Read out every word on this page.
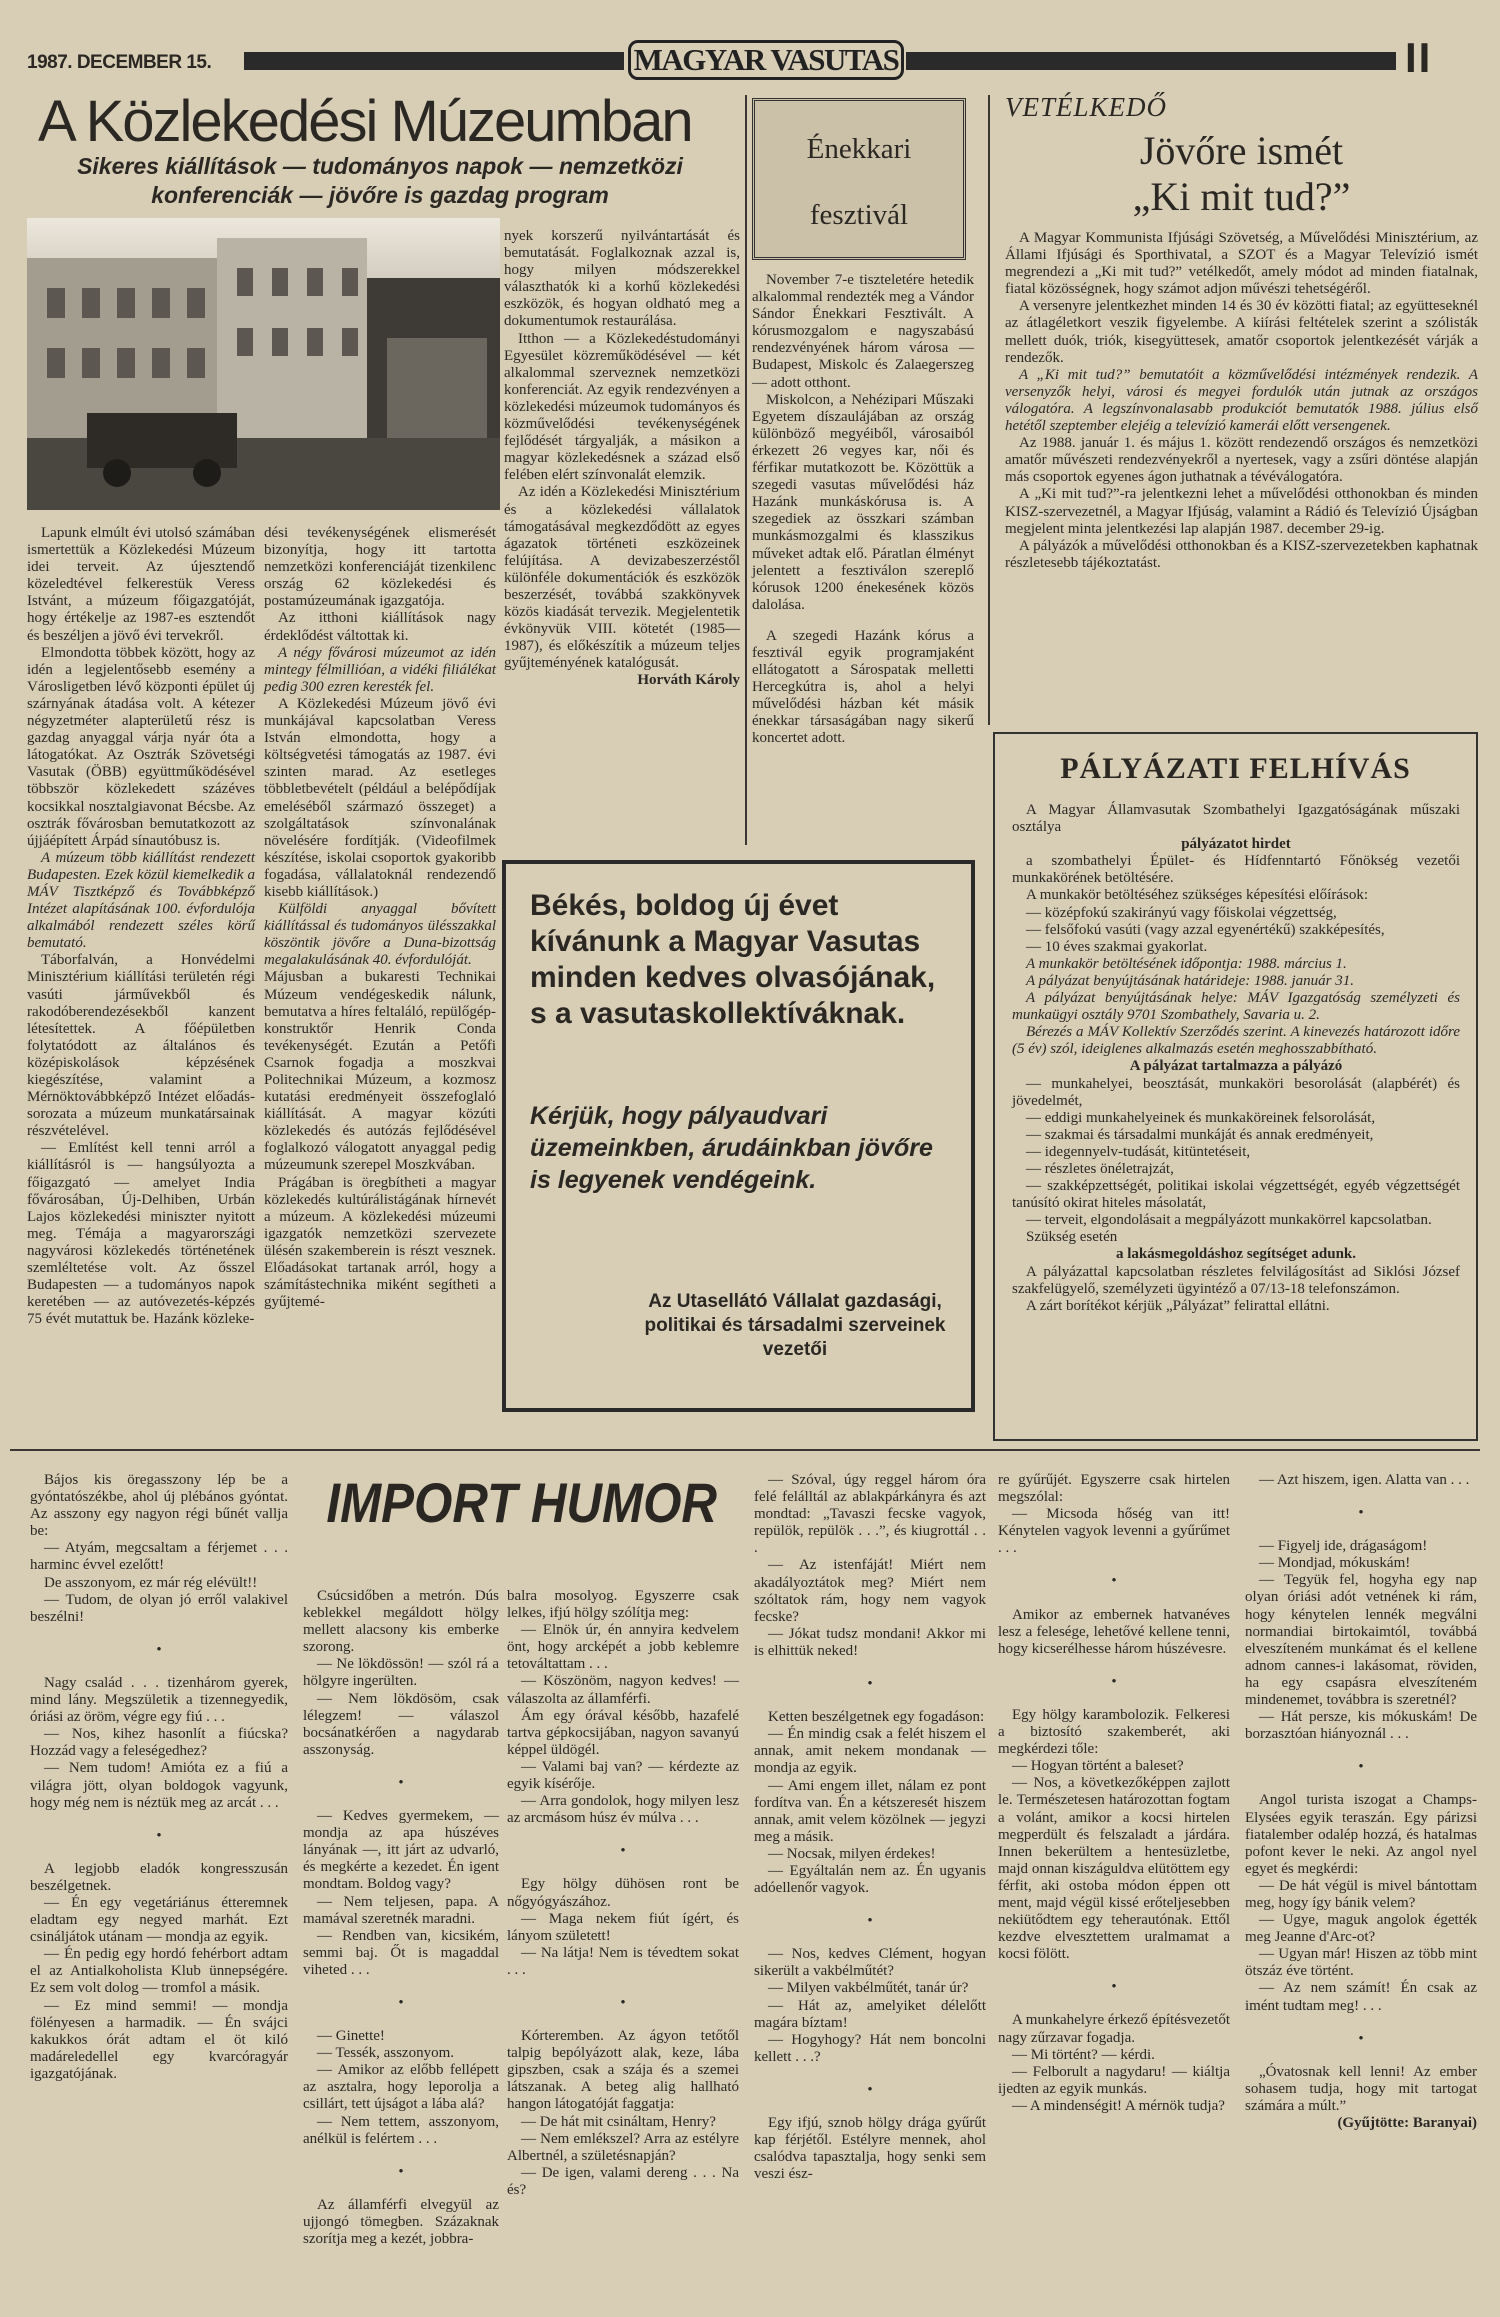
1987. DECEMBER 15.	MAGYAR VASUTAS	II
A Közlekedési Múzeumban
Sikeres kiállítások — tudományos napok — nemzetközi
konferenciák — jövőre is gazdag program

Lapunk elmúlt évi utolsó számában ismertettük a Közlekedési Múzeum idei terveit. Az újesztendő közeledtével felkerestük Veress Istvánt, a múzeum főigazgatóját, hogy értékelje az 1987-es esztendőt és beszéljen a jövő évi tervekről.

Elmondotta többek között, hogy az idén a legjelentősebb esemény a Városligetben lévő központi épület új szárnyának átadása volt. A kétezer négyzetméter alapterületű rész is gazdag anyaggal várja nyár óta a látogatókat. Az Osztrák Szövetségi Vasutak (ÖBB) együttműködésével többször közlekedett százéves kocsikkal nosztalgiavonat Bécsbe. Az osztrák fővárosban bemutatkozott az újjáépített Árpád sínautóbusz is.

A múzeum több kiállítást rendezett Budapesten. Ezek közül kiemelkedik a MÁV Tisztképző és Továbbképző Intézet alapításának 100. évfordulója alkalmából rendezett széles körű bemutató.

Táborfalván, a Honvédelmi Minisztérium kiállítási területén régi vasúti járművekből és rakodóberendezésekből kanzent létesítettek. A főépületben folytatódott az általános és középiskolások képzésének kiegészítése, valamint a Mérnöktovábbképző Intézet előadás-sorozata a múzeum munkatársainak részvételével.

— Említést kell tenni arról a kiállításról is — hangsúlyozta a főigazgató — amelyet India fővárosában, Új-Delhiben, Urbán Lajos közlekedési miniszter nyitott meg. Témája a magyarországi nagyvárosi közlekedés történetének szemléltetése volt. Az ősszel Budapesten — a tudományos napok keretében — az autóvezetés-képzés 75 évét mutattuk be. Hazánk közleke-

dési tevékenységének elismerését bizonyítja, hogy itt tartotta nemzetközi konferenciáját tizenkilenc ország 62 közlekedési és postamúzeumának igazgatója.

Az itthoni kiállítások nagy érdeklődést váltottak ki.

A négy fővárosi múzeumot az idén mintegy félmillióan, a vidéki filiálékat pedig 300 ezren keresték fel.

A Közlekedési Múzeum jövő évi munkájával kapcsolatban Veress István elmondotta, hogy a költségvetési támogatás az 1987. évi szinten marad. Az esetleges többletbevételt (például a belépődíjak emeléséből származó összeget) a szolgáltatások színvonalának növelésére fordítják. (Videofilmek készítése, iskolai csoportok gyakoribb fogadása, vállalatoknál rendezendő kisebb kiállítások.)

Külföldi anyaggal bővített kiállítással és tudományos ülésszakkal köszöntik jövőre a Duna-bizottság megalakulásának 40. évfordulóját.

Májusban a bukaresti Technikai Múzeum vendégeskedik nálunk, bemutatva a híres feltaláló, repülőgép-konstruktőr Henrik Conda tevékenységét. Ezután a Petőfi Csarnok fogadja a moszkvai Politechnikai Múzeum, a kozmosz kutatási eredményeit összefoglaló kiállítását. A magyar közúti közlekedés és autózás fejlődésével foglalkozó válogatott anyaggal pedig múzeumunk szerepel Moszkvában.

Prágában is öregbítheti a magyar közlekedés kultúrálistágának hírnevét a múzeum. A közlekedési múzeumi igazgatók nemzetközi szervezete ülésén szakemberein is részt vesznek. Előadásokat tartanak arról, hogy a számítástechnika miként segítheti a gyűjtemé-

nyek korszerű nyilvántartását és bemutatását. Foglalkoznak azzal is, hogy milyen módszerekkel választhatók ki a korhű közlekedési eszközök, és hogyan oldható meg a dokumentumok restaurálása.

Itthon — a Közlekedéstudományi Egyesület közreműködésével — két alkalommal szerveznek nemzetközi konferenciát. Az egyik rendezvényen a közlekedési múzeumok tudományos és közművelődési tevékenységének fejlődését tárgyalják, a másikon a magyar közlekedésnek a század első felében elért színvonalát elemzik.

Az idén a Közlekedési Minisztérium és a közlekedési vállalatok támogatásával megkezdődött az egyes ágazatok történeti eszközeinek felújítása. A devizabeszerzéstől különféle dokumentációk és eszközök beszerzését, továbbá szakkönyvek közös kiadását tervezik. Megjelentetik évkönyvük VIII. kötetét (1985—1987), és előkészítik a múzeum teljes gyűjteményének katalógusát.

Horváth Károly

Énekkari
fesztivál

November 7-e tiszteletére hetedik alkalommal rendezték meg a Vándor Sándor Énekkari Fesztivált. A kórusmozgalom e nagyszabású rendezvényének három városa — Budapest, Miskolc és Zalaegerszeg — adott otthont.

Miskolcon, a Nehézipari Műszaki Egyetem díszaulájában az ország különböző megyéiből, városaiból érkezett 26 vegyes kar, női és férfikar mutatkozott be. Közöttük a szegedi vasutas művelődési ház Hazánk munkáskórusa is. A szegediek az összkari számban munkásmozgalmi és klasszikus műveket adtak elő. Páratlan élményt jelentett a fesztiválon szereplő kórusok 1200 énekesének közös dalolása.

A szegedi Hazánk kórus a fesztivál egyik programjaként ellátogatott a Sárospatak melletti Hercegkútra is, ahol a helyi művelődési házban két másik énekkar társaságában nagy sikerű koncertet adott.

VETÉLKEDŐ
Jövőre ismét
„Ki mit tud?”

A Magyar Kommunista Ifjúsági Szövetség, a Művelődési Minisztérium, az Állami Ifjúsági és Sporthivatal, a SZOT és a Magyar Televízió ismét megrendezi a „Ki mit tud?” vetélkedőt, amely módot ad minden fiatalnak, fiatal közösségnek, hogy számot adjon művészi tehetségéről.

A versenyre jelentkezhet minden 14 és 30 év közötti fiatal; az együtteseknél az átlagéletkort veszik figyelembe. A kiírási feltételek szerint a szólisták mellett duók, triók, kisegyüttesek, amatőr csoportok jelentkezését várják a rendezők.

A „Ki mit tud?” bemutatóit a közművelődési intézmények rendezik. A versenyzők helyi, városi és megyei fordulók után jutnak az országos válogatóra. A legszínvonalasabb produkciót bemutatók 1988. július első hetétől szeptember elejéig a televízió kamerái előtt versengenek.

Az 1988. január 1. és május 1. között rendezendő országos és nemzetközi amatőr művészeti rendezvényekről a nyertesek, vagy a zsűri döntése alapján más csoportok egyenes ágon juthatnak a tévéválogatóra.

A „Ki mit tud?”-ra jelentkezni lehet a művelődési otthonokban és minden KISZ-szervezetnél, a Magyar Ifjúság, valamint a Rádió és Televízió Újságban megjelent minta jelentkezési lap alapján 1987. december 29-ig.

A pályázók a művelődési otthonokban és a KISZ-szervezetekben kaphatnak részletesebb tájékoztatást.

PÁLYÁZATI FELHÍVÁS

A Magyar Államvasutak Szombathelyi Igazgatóságának műszaki osztálya

pályázatot hirdet

a szombathelyi Épület- és Hídfenntartó Főnökség vezetői munkakörének betöltésére.

A munkakör betöltéséhez szükséges képesítési előírások:

— középfokú szakirányú vagy főiskolai végzettség,

— felsőfokú vasúti (vagy azzal egyenértékű) szakképesítés,

— 10 éves szakmai gyakorlat.

A munkakör betöltésének időpontja: 1988. március 1.

A pályázat benyújtásának határideje: 1988. január 31.

A pályázat benyújtásának helye: MÁV Igazgatóság személyzeti és munkaügyi osztály 9701 Szombathely, Savaria u. 2.

Bérezés a MÁV Kollektív Szerződés szerint. A kinevezés határozott időre (5 év) szól, ideiglenes alkalmazás esetén meghosszabbítható.

A pályázat tartalmazza a pályázó

— munkahelyei, beosztását, munkaköri besorolását (alapbérét) és jövedelmét,

— eddigi munkahelyeinek és munkaköreinek felsorolását,

— szakmai és társadalmi munkáját és annak eredményeit,

— idegennyelv-tudását, kitüntetéseit,

— részletes önéletrajzát,

— szakképzettségét, politikai iskolai végzettségét, egyéb végzettségét tanúsító okirat hiteles másolatát,

— terveit, elgondolásait a megpályázott munkakörrel kapcsolatban.

Szükség esetén

a lakásmegoldáshoz segítséget adunk.

A pályázattal kapcsolatban részletes felvilágosítást ad Siklósi József szakfelügyelő, személyzeti ügyintéző a 07/13-18 telefonszámon.

A zárt borítékot kérjük „Pályázat” felirattal ellátni.

Békés, boldog új évet kívánunk a Magyar Vasutas minden kedves olvasójának, s a vasutaskollektíváknak.
Kérjük, hogy pályaudvari üzemeinkben, árudáinkban jövőre is legyenek vendégeink.
Az Utasellátó Vállalat gazdasági, politikai és társadalmi szerveinek vezetői
IMPORT HUMOR

Bájos kis öregasszony lép be a gyóntatószékbe, ahol új plébános gyóntat. Az asszony egy nagyon régi bűnét vallja be:

— Atyám, megcsaltam a férjemet . . . harminc évvel ezelőtt!

De asszonyom, ez már rég elévült!!

— Tudom, de olyan jó erről valakivel beszélni!

•

Nagy család . . . tizenhárom gyerek, mind lány. Megszületik a tizennegyedik, óriási az öröm, végre egy fiú . . .

— Nos, kihez hasonlít a fiúcska? Hozzád vagy a feleségedhez?

— Nem tudom! Amióta ez a fiú a világra jött, olyan boldogok vagyunk, hogy még nem is néztük meg az arcát . . .

•

A legjobb eladók kongresszusán beszélgetnek.

— Én egy vegetáriánus étteremnek eladtam egy negyed marhát. Ezt csináljátok utánam — mondja az egyik.

— Én pedig egy hordó fehérbort adtam el az Antialkoholista Klub ünnepségére. Ez sem volt dolog — tromfol a másik.

— Ez mind semmi! — mondja fölényesen a harmadik. — Én svájci kakukkos órát adtam el öt kiló madáreledellel egy kvarcóragyár igazgatójának.

Csúcsidőben a metrón. Dús keblekkel megáldott hölgy mellett alacsony kis emberke szorong.

— Ne lökdössön! — szól rá a hölgyre ingerülten.

— Nem lökdösöm, csak lélegzem! — válaszol bocsánatkérően a nagydarab asszonyság.

•

— Kedves gyermekem, — mondja az apa húszéves lányának —, itt járt az udvarló, és megkérte a kezedet. Én igent mondtam. Boldog vagy?

— Nem teljesen, papa. A mamával szeretnék maradni.

— Rendben van, kicsikém, semmi baj. Őt is magaddal viheted . . .

•

— Ginette!

— Tessék, asszonyom.

— Amikor az előbb fellépett az asztalra, hogy leporolja a csillárt, tett újságot a lába alá?

— Nem tettem, asszonyom, anélkül is felértem . . .

•

Az államférfi elvegyül az ujjongó tömegben. Százaknak szorítja meg a kezét, jobbra-

balra mosolyog. Egyszerre csak lelkes, ifjú hölgy szólítja meg:

— Elnök úr, én annyira kedvelem önt, hogy arcképét a jobb keblemre tetováltattam . . .

— Köszönöm, nagyon kedves! — válaszolta az államférfi.

Ám egy órával később, hazafelé tartva gépkocsijában, nagyon savanyú képpel üldögél.

— Valami baj van? — kérdezte az egyik kísérője.

— Arra gondolok, hogy milyen lesz az arcmásom húsz év múlva . . .

•

Egy hölgy dühösen ront be nőgyógyászához.

— Maga nekem fiút ígért, és lányom született!

— Na látja! Nem is tévedtem sokat . . .

•

Kórteremben. Az ágyon tetőtől talpig bepólyázott alak, keze, lába gipszben, csak a szája és a szemei látszanak. A beteg alig hallható hangon látogatóját faggatja:

— De hát mit csináltam, Henry?

— Nem emlékszel? Arra az estélyre Albertnél, a születésnapján?

— De igen, valami dereng . . . Na és?

— Szóval, úgy reggel három óra felé felálltál az ablakpárkányra és azt mondtad: „Tavaszi fecske vagyok, repülök, repülök . . .”, és kiugrottál . . .

— Az istenfáját! Miért nem akadályoztátok meg? Miért nem szóltatok rám, hogy nem vagyok fecske?

— Jókat tudsz mondani! Akkor mi is elhittük neked!

•

Ketten beszélgetnek egy fogadáson:

— Én mindig csak a felét hiszem el annak, amit nekem mondanak — mondja az egyik.

— Ami engem illet, nálam ez pont fordítva van. Én a kétszeresét hiszem annak, amit velem közölnek — jegyzi meg a másik.

— Nocsak, milyen érdekes!

— Egyáltalán nem az. Én ugyanis adóellenőr vagyok.

•

— Nos, kedves Clément, hogyan sikerült a vakbélműtét?

— Milyen vakbélműtét, tanár úr?

— Hát az, amelyiket délelőtt magára bíztam!

— Hogyhogy? Hát nem boncolni kellett . . .?

•

Egy ifjú, sznob hölgy drága gyűrűt kap férjétől. Estélyre mennek, ahol csalódva tapasztalja, hogy senki sem veszi ész-

re gyűrűjét. Egyszerre csak hirtelen megszólal:

— Micsoda hőség van itt! Kénytelen vagyok levenni a gyűrűmet . . .

•

Amikor az embernek hatvanéves lesz a felesége, lehetővé kellene tenni, hogy kicserélhesse három húszévesre.

•

Egy hölgy karambolozik. Felkeresi a biztosító szakemberét, aki megkérdezi tőle:

— Hogyan történt a baleset?

— Nos, a következőképpen zajlott le. Természetesen határozottan fogtam a volánt, amikor a kocsi hirtelen megperdült és felszaladt a járdára. Innen bekerültem a hentesüzletbe, majd onnan kiszáguldva elütöttem egy férfit, aki ostoba módon éppen ott ment, majd végül kissé erőteljesebben nekiütődtem egy teherautónak. Ettől kezdve elvesztettem uralmamat a kocsi fölött.

•

A munkahelyre érkező építésvezetőt nagy zűrzavar fogadja.

— Mi történt? — kérdi.

— Felborult a nagydaru! — kiáltja ijedten az egyik munkás.

— A mindenségit! A mérnök tudja?

— Azt hiszem, igen. Alatta van . . .

•

— Figyelj ide, drágaságom!

— Mondjad, mókuskám!

— Tegyük fel, hogyha egy nap olyan óriási adót vetnének ki rám, hogy kénytelen lennék megválni normandiai birtokaimtól, továbbá elveszíteném munkámat és el kellene adnom cannes-i lakásomat, röviden, ha egy csapásra elveszíteném mindenemet, továbbra is szeretnél?

— Hát persze, kis mókuskám! De borzasztóan hiányoznál . . .

•

Angol turista iszogat a Champs-Elysées egyik teraszán. Egy párizsi fiatalember odalép hozzá, és hatalmas pofont kever le neki. Az angol nyel egyet és megkérdi:

— De hát végül is mivel bántottam meg, hogy így bánik velem?

— Ugye, maguk angolok égették meg Jeanne d'Arc-ot?

— Ugyan már! Hiszen az több mint ötszáz éve történt.

— Az nem számít! Én csak az imént tudtam meg! . . .

•

„Óvatosnak kell lenni! Az ember sohasem tudja, hogy mit tartogat számára a múlt.”

(Gyűjtötte: Baranyai)
